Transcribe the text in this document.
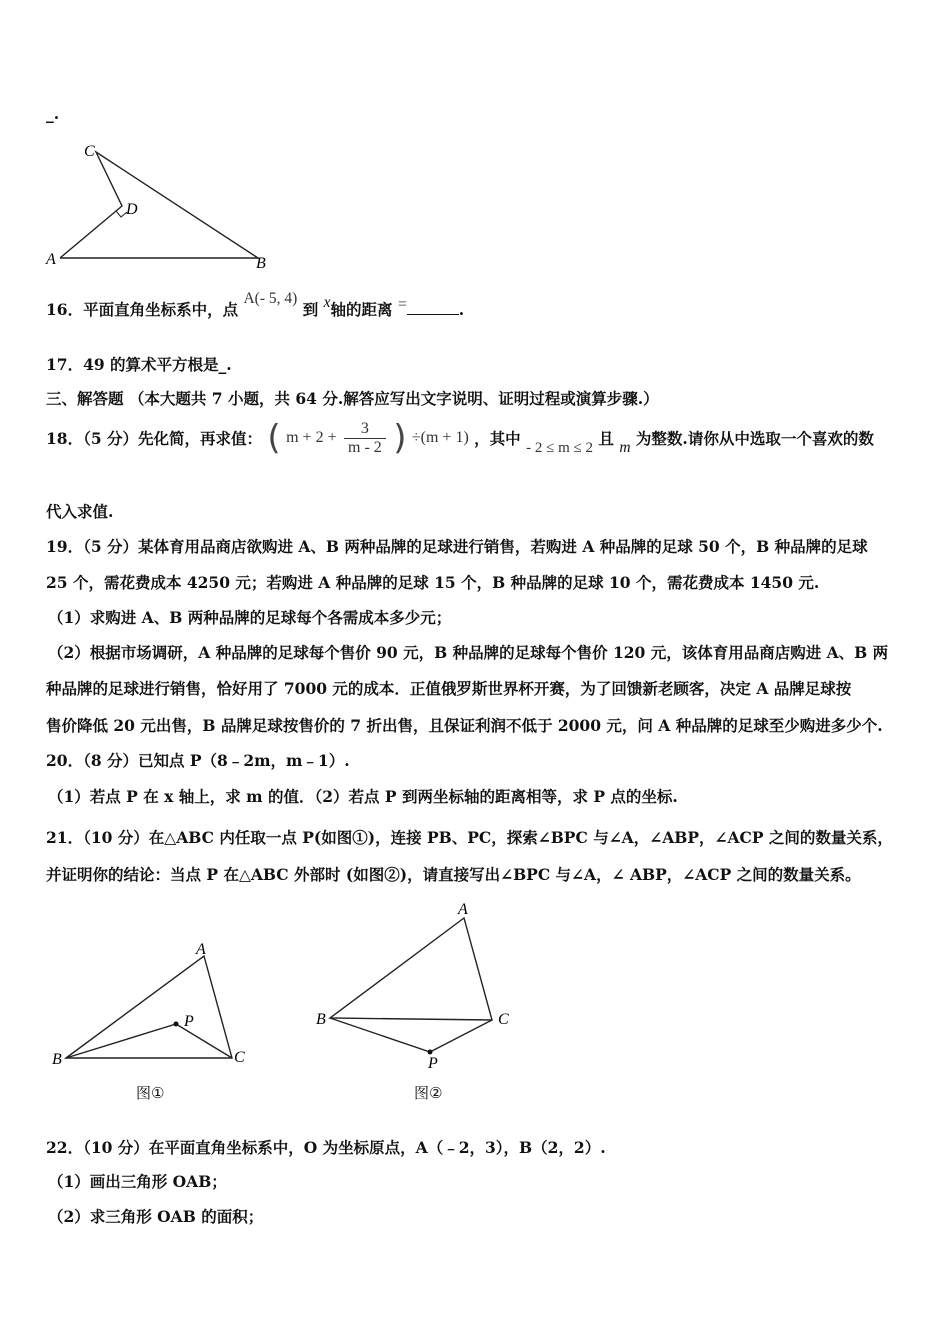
_.
C
D
A	B
16．平面直角坐标系中，点 A(- 5, 4) 到 x轴的距离 =	.
17．49 的算术平方根是_.
三、解答题 （本大题共 7 小题，共 64 分.解答应写出文字说明、证明过程或演算步骤.）
18．（5 分）先化简，再求值： ( $m + 2 + \frac{3}{m - 2}$ ) ÷(m + 1) ，其中 - 2 ≤ m ≤ 2 且 m 为整数.请你从中选取一个喜欢的数
代入求值.
19．（5 分）某体育用品商店欲购进 A、B 两种品牌的足球进行销售，若购进 A 种品牌的足球 50 个，B 种品牌的足球
25 个，需花费成本 4250 元；若购进 A 种品牌的足球 15 个，B 种品牌的足球 10 个，需花费成本 1450 元.
（1）求购进 A、B 两种品牌的足球每个各需成本多少元；
（2）根据市场调研，A 种品牌的足球每个售价 90 元，B 种品牌的足球每个售价 120 元，该体育用品商店购进 A、B 两
种品牌的足球进行销售，恰好用了 7000 元的成本．正值俄罗斯世界杯开赛，为了回馈新老顾客，决定 A 品牌足球按
售价降低 20 元出售，B 品牌足球按售价的 7 折出售，且保证利润不低于 2000 元，问 A 种品牌的足球至少购进多少个.
20．（8 分）已知点 P（8﹣2m，m﹣1）.
（1）若点 P 在 x 轴上，求 m 的值．（2）若点 P 到两坐标轴的距离相等，求 P 点的坐标.
21．（10 分）在△ABC 内任取一点 P(如图①)，连接 PB、PC，探索∠BPC 与∠A，∠ABP，∠ACP 之间的数量关系，
并证明你的结论：当点 P 在△ABC 外部时 (如图②)，请直接写出∠BPC 与∠A，∠ ABP，∠ACP 之间的数量关系。
A
P
B	C
图①
A
B	C
P
图②
22．（10 分）在平面直角坐标系中，O 为坐标原点，A（﹣2，3），B（2，2）.
（1）画出三角形 OAB；
（2）求三角形 OAB 的面积；
